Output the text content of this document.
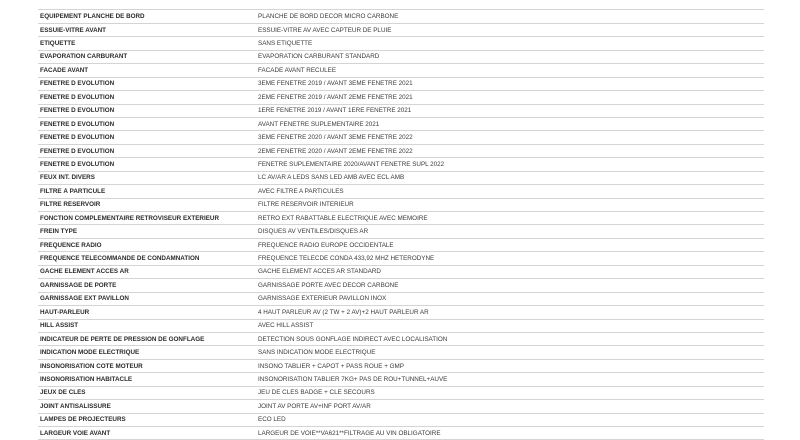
EQUIPEMENT PLANCHE DE BORD	PLANCHE DE BORD DECOR MICRO CARBONE
ESSUIE-VITRE AVANT	ESSUIE-VITRE AV AVEC CAPTEUR DE PLUIE
ETIQUETTE	SANS ETIQUETTE
EVAPORATION CARBURANT	EVAPORATION CARBURANT STANDARD
FACADE AVANT	FACADE AVANT RECULEE
FENETRE D EVOLUTION	3EME FENETRE 2019 / AVANT 3EME FENETRE 2021
FENETRE D EVOLUTION	2EME FENETRE 2019 / AVANT 2EME FENETRE 2021
FENETRE D EVOLUTION	1ERE FENETRE 2019 / AVANT 1ERE FENETRE 2021
FENETRE D EVOLUTION	AVANT FENETRE SUPLEMENTAIRE 2021
FENETRE D EVOLUTION	3EME FENETRE 2020 / AVANT 3EME FENETRE 2022
FENETRE D EVOLUTION	2EME FENETRE 2020 / AVANT 2EME FENETRE 2022
FENETRE D EVOLUTION	FENETRE SUPLEMENTAIRE 2020/AVANT FENETRE SUPL 2022
FEUX INT. DIVERS	LC AV/AR A LEDS SANS LED AMB AVEC ECL AMB
FILTRE À PARTICULE	AVEC FILTRE A PARTICULES
FILTRE RÉSERVOIR	FILTRE RESERVOIR INTERIEUR
FONCTION COMPLÉMENTAIRE RÉTROVISEUR EXTÉRIEUR	RETRO EXT RABATTABLE ELECTRIQUE AVEC MEMOIRE
FREIN TYPE	DISQUES AV VENTILES/DISQUES AR
FRÉQUENCE RADIO	FREQUENCE RADIO EUROPE OCCIDENTALE
FRÉQUENCE TÉLÉCOMMANDE DE CONDAMNATION	FREQUENCE TELECDE CONDA 433,92 MHZ HETERODYNE
GACHE ELEMENT ACCES AR	GACHE ELEMENT ACCES AR STANDARD
GARNISSAGE DE PORTE	GARNISSAGE PORTE AVEC DECOR CARBONE
GARNISSAGE EXT PAVILLON	GARNISSAGE EXTERIEUR PAVILLON INOX
HAUT-PARLEUR	4 HAUT PARLEUR AV (2 TW + 2 AV)+2 HAUT PARLEUR AR
HILL ASSIST	AVEC HILL ASSIST
INDICATEUR DE PERTE DE PRESSION DE GONFLAGE	DETECTION SOUS GONFLAGE INDIRECT AVEC LOCALISATION
INDICATION MODE ELECTRIQUE	SANS INDICATION MODE ELECTRIQUE
INSONORISATION COTÉ MOTEUR	INSONO TABLIER + CAPOT + PASS ROUE + GMP
INSONORISATION HABITACLE	INSONORISATION TABLIER 7KG+ PAS DE ROU+TUNNEL+AUVE
JEUX DE CLÉS	JEU DE CLES BADGE + CLE SECOURS
JOINT ANTISALISSURE	JOINT AV PORTE AV+INF PORT AV/AR
LAMPES DE PROJECTEURS	ECO LED
LARGEUR VOIE AVANT	LARGEUR DE VOIE**VA621**FILTRAGE AU VIN OBLIGATOIRE
